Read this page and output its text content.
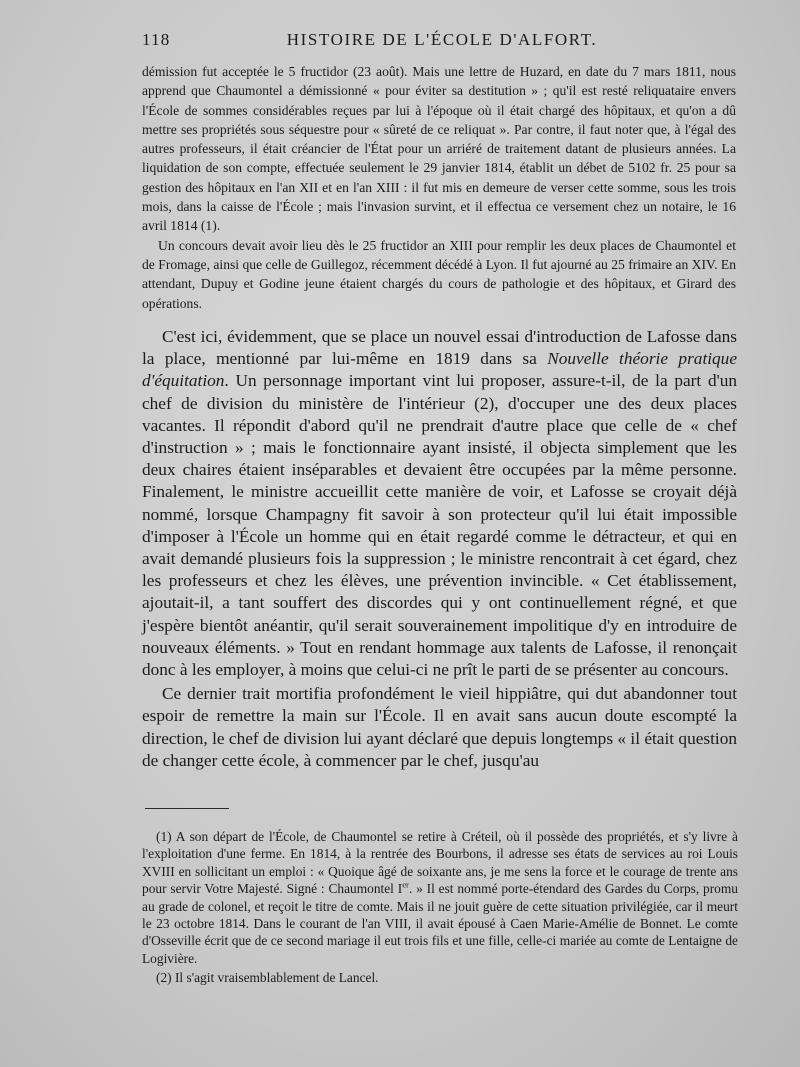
118	HISTOIRE DE L'ÉCOLE D'ALFORT.

démission fut acceptée le 5 fructidor (23 août). Mais une lettre de Huzard, en date du 7 mars 1811, nous apprend que Chaumontel a démissionné « pour éviter sa destitution » ; qu'il est resté reliquataire envers l'École de sommes considérables reçues par lui à l'époque où il était chargé des hôpitaux, et qu'on a dû mettre ses propriétés sous séquestre pour « sûreté de ce reliquat ». Par contre, il faut noter que, à l'égal des autres professeurs, il était créancier de l'État pour un arriéré de traitement datant de plusieurs années. La liquidation de son compte, effectuée seulement le 29 janvier 1814, établit un débet de 5102 fr. 25 pour sa gestion des hôpitaux en l'an XII et en l'an XIII : il fut mis en demeure de verser cette somme, sous les trois mois, dans la caisse de l'École ; mais l'invasion survint, et il effectua ce versement chez un notaire, le 16 avril 1814 (1).

Un concours devait avoir lieu dès le 25 fructidor an XIII pour remplir les deux places de Chaumontel et de Fromage, ainsi que celle de Guillegoz, récemment décédé à Lyon. Il fut ajourné au 25 frimaire an XIV. En attendant, Dupuy et Godine jeune étaient chargés du cours de pathologie et des hôpitaux, et Girard des opérations.

C'est ici, évidemment, que se place un nouvel essai d'introduction de Lafosse dans la place, mentionné par lui-même en 1819 dans sa Nouvelle théorie pratique d'équitation. Un personnage important vint lui proposer, assure-t-il, de la part d'un chef de division du ministère de l'intérieur (2), d'occuper une des deux places vacantes. Il répondit d'abord qu'il ne prendrait d'autre place que celle de « chef d'instruction » ; mais le fonctionnaire ayant insisté, il objecta simplement que les deux chaires étaient inséparables et devaient être occupées par la même personne. Finalement, le ministre accueillit cette manière de voir, et Lafosse se croyait déjà nommé, lorsque Champagny fit savoir à son protecteur qu'il lui était impossible d'imposer à l'École un homme qui en était regardé comme le détracteur, et qui en avait demandé plusieurs fois la suppression ; le ministre rencontrait à cet égard, chez les professeurs et chez les élèves, une prévention invincible. « Cet établissement, ajoutait-il, a tant souffert des discordes qui y ont continuellement régné, et que j'espère bientôt anéantir, qu'il serait souverainement impolitique d'y en introduire de nouveaux éléments. » Tout en rendant hommage aux talents de Lafosse, il renonçait donc à les employer, à moins que celui-ci ne prît le parti de se présenter au concours.

Ce dernier trait mortifia profondément le vieil hippiâtre, qui dut abandonner tout espoir de remettre la main sur l'École. Il en avait sans aucun doute escompté la direction, le chef de division lui ayant déclaré que depuis longtemps « il était question de changer cette école, à commencer par le chef, jusqu'au

(1) A son départ de l'École, de Chaumontel se retire à Créteil, où il possède des propriétés, et s'y livre à l'exploitation d'une ferme. En 1814, à la rentrée des Bourbons, il adresse ses états de services au roi Louis XVIII en sollicitant un emploi : « Quoique âgé de soixante ans, je me sens la force et le courage de trente ans pour servir Votre Majesté. Signé : Chaumontel Ier. » Il est nommé porte-étendard des Gardes du Corps, promu au grade de colonel, et reçoit le titre de comte. Mais il ne jouit guère de cette situation privilégiée, car il meurt le 23 octobre 1814. Dans le courant de l'an VIII, il avait épousé à Caen Marie-Amélie de Bonnet. Le comte d'Osseville écrit que de ce second mariage il eut trois fils et une fille, celle-ci mariée au comte de Lentaigne de Logivière.

(2) Il s'agit vraisemblablement de Lancel.
